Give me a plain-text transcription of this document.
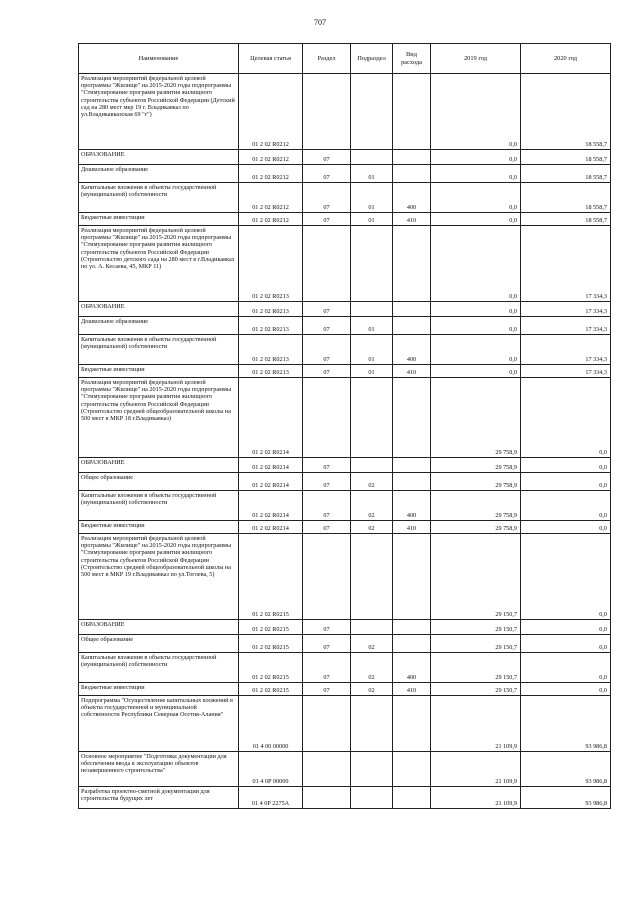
707
Наименование	Целевая статья	Раздел	Подраздел	Вид расхода	2019 год	2020 год
Реализация мероприятий федеральной целевой программы "Жилище" на 2015-2020 годы подпрограммы "Стимулирование программ развития жилищного строительства субъектов Российской Федерации (Детский сад на 280 мест мкр 19 г. Владикавказ по ул.Владикавказская 69 "г")	01 2 02 R0212				0,0	18 558,7
ОБРАЗОВАНИЕ	01 2 02 R0212	07			0,0	18 558,7
Дошкольное образование	01 2 02 R0212	07	01		0,0	18 558,7
Капитальные вложения в объекты государственной (муниципальной) собственности	01 2 02 R0212	07	01	400	0,0	18 558,7
Бюджетные инвестиции	01 2 02 R0212	07	01	410	0,0	18 558,7
Реализация мероприятий федеральной целевой программы "Жилище" на 2015-2020 годы подпрограммы "Стимулирование программ развития жилищного строительства субъектов Российской Федерации (Строительство детского сада на 280 мест в г.Владикавказ по ул. А. Кесаева, 45, МКР 11)	01 2 02 R0213				0,0	17 334,3
ОБРАЗОВАНИЕ	01 2 02 R0213	07			0,0	17 334,3
Дошкольное образование	01 2 02 R0213	07	01		0,0	17 334,3
Капитальные вложения в объекты государственной (муниципальной) собственности	01 2 02 R0213	07	01	400	0,0	17 334,3
Бюджетные инвестиции	01 2 02 R0213	07	01	410	0,0	17 334,3
Реализация мероприятий федеральной целевой программы "Жилище" на 2015-2020 годы подпрограммы "Стимулирование программ развития жилищного строительства субъектов Российской Федерации (Строительство средней общеобразовательной школы на 500 мест в МКР 18 г.Владикавказ)	01 2 02 R0214				29 758,9	0,0
ОБРАЗОВАНИЕ	01 2 02 R0214	07			29 758,9	0,0
Общее образование	01 2 02 R0214	07	02		29 758,9	0,0
Капитальные вложения в объекты государственной (муниципальной) собственности	01 2 02 R0214	07	02	400	29 758,9	0,0
Бюджетные инвестиции	01 2 02 R0214	07	02	410	29 758,9	0,0
Реализация мероприятий федеральной целевой программы "Жилище" на 2015-2020 годы подпрограммы "Стимулирование программ развития жилищного строительства субъектов Российской Федерации (Строительство средней общеобразовательной школы на 500 мест в МКР 19 г.Владикавказ по ул.Тогоева, 5)	01 2 02 R0215				29 150,7	0,0
ОБРАЗОВАНИЕ	01 2 02 R0215	07			29 150,7	0,0
Общее образование	01 2 02 R0215	07	02		29 150,7	0,0
Капитальные вложения в объекты государственной (муниципальной) собственности	01 2 02 R0215	07	02	400	29 150,7	0,0
Бюджетные инвестиции	01 2 02 R0215	07	02	410	29 150,7	0,0
Подпрограмма "Осуществление капитальных вложений в объекты государственной и муниципальной собственности Республики Северная Осетия-Алания"	01 4 00 00000				21 109,9	93 986,8
Основное мероприятие "Подготовка документации для обеспечения ввода в эксплуатацию объектов незавершенного строительства"	01 4 0Р 00000				21 109,9	93 986,8
Разработка проектно-сметной документации для строительства будущих лет	01 4 0Р 2275А				21 109,9	93 986,8
